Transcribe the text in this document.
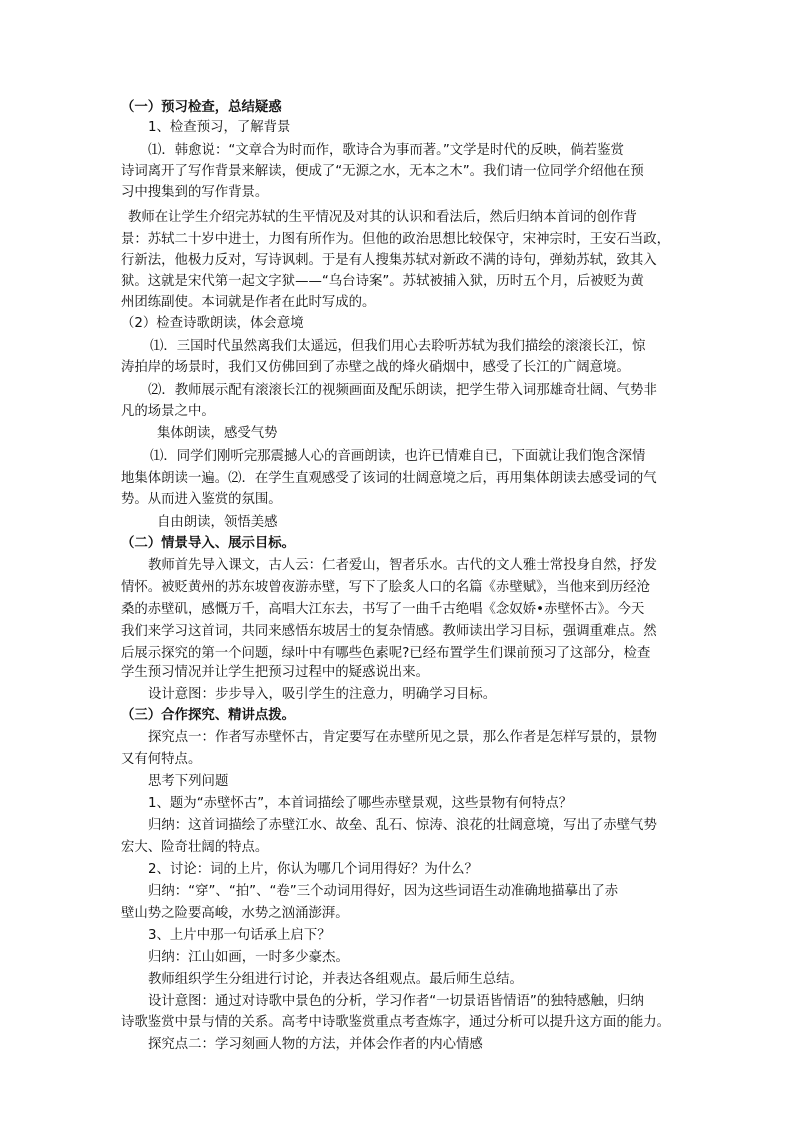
（一）预习检查，总结疑惑
1、检查预习，了解背景
⑴．韩愈说：“文章合为时而作，歌诗合为事而著。”文学是时代的反映，倘若鉴赏
诗词离开了写作背景来解读，便成了“无源之水，无本之木”。我们请一位同学介绍他在预
习中搜集到的写作背景。
教师在让学生介绍完苏轼的生平情况及对其的认识和看法后，然后归纳本首词的创作背
景：苏轼二十岁中进士，力图有所作为。但他的政治思想比较保守，宋神宗时，王安石当政，
行新法，他极力反对，写诗讽刺。于是有人搜集苏轼对新政不满的诗句，弹劾苏轼，致其入
狱。这就是宋代第一起文字狱——“乌台诗案”。苏轼被捕入狱，历时五个月，后被贬为黄
州团练副使。本词就是作者在此时写成的。
（2）检查诗歌朗读，体会意境
⑴．三国时代虽然离我们太遥远，但我们用心去聆听苏轼为我们描绘的滚滚长江，惊
涛拍岸的场景时，我们又仿佛回到了赤壁之战的烽火硝烟中，感受了长江的广阔意境。
⑵．教师展示配有滚滚长江的视频画面及配乐朗读，把学生带入词那雄奇壮阔、气势非
凡的场景之中。
集体朗读，感受气势
⑴．同学们刚听完那震撼人心的音画朗读，也许已情难自已，下面就让我们饱含深情
地集体朗读一遍。⑵．在学生直观感受了该词的壮阔意境之后，再用集体朗读去感受词的气
势。从而进入鉴赏的氛围。
自由朗读，领悟美感
（二）情景导入、展示目标。
教师首先导入课文，古人云：仁者爱山，智者乐水。古代的文人雅士常投身自然，抒发
情怀。被贬黄州的苏东坡曾夜游赤壁，写下了脍炙人口的名篇《赤壁赋》，当他来到历经沧
桑的赤壁矶，感慨万千，高唱大江东去，书写了一曲千古绝唱《念奴娇•赤壁怀古》。今天
我们来学习这首词，共同来感悟东坡居士的复杂情感。教师读出学习目标，强调重难点。然
后展示探究的第一个问题，绿叶中有哪些色素呢?已经布置学生们课前预习了这部分，检查
学生预习情况并让学生把预习过程中的疑惑说出来。
设计意图：步步导入，吸引学生的注意力，明确学习目标。
（三）合作探究、精讲点拨。
探究点一：作者写赤壁怀古，肯定要写在赤壁所见之景，那么作者是怎样写景的，景物
又有何特点。
思考下列问题
1、题为“赤壁怀古”，本首词描绘了哪些赤壁景观，这些景物有何特点？
归纳：这首词描绘了赤壁江水、故垒、乱石、惊涛、浪花的壮阔意境，写出了赤壁气势
宏大、险奇壮阔的特点。
2、讨论：词的上片，你认为哪几个词用得好？为什么？
归纳：“穿”、“拍”、“卷”三个动词用得好，因为这些词语生动准确地描摹出了赤
壁山势之险要高峻，水势之汹涌澎湃。
3、上片中那一句话承上启下？
归纳：江山如画，一时多少豪杰。
教师组织学生分组进行讨论，并表达各组观点。最后师生总结。
设计意图：通过对诗歌中景色的分析，学习作者“一切景语皆情语”的独特感触，归纳
诗歌鉴赏中景与情的关系。高考中诗歌鉴赏重点考查炼字，通过分析可以提升这方面的能力。
探究点二：学习刻画人物的方法，并体会作者的内心情感
